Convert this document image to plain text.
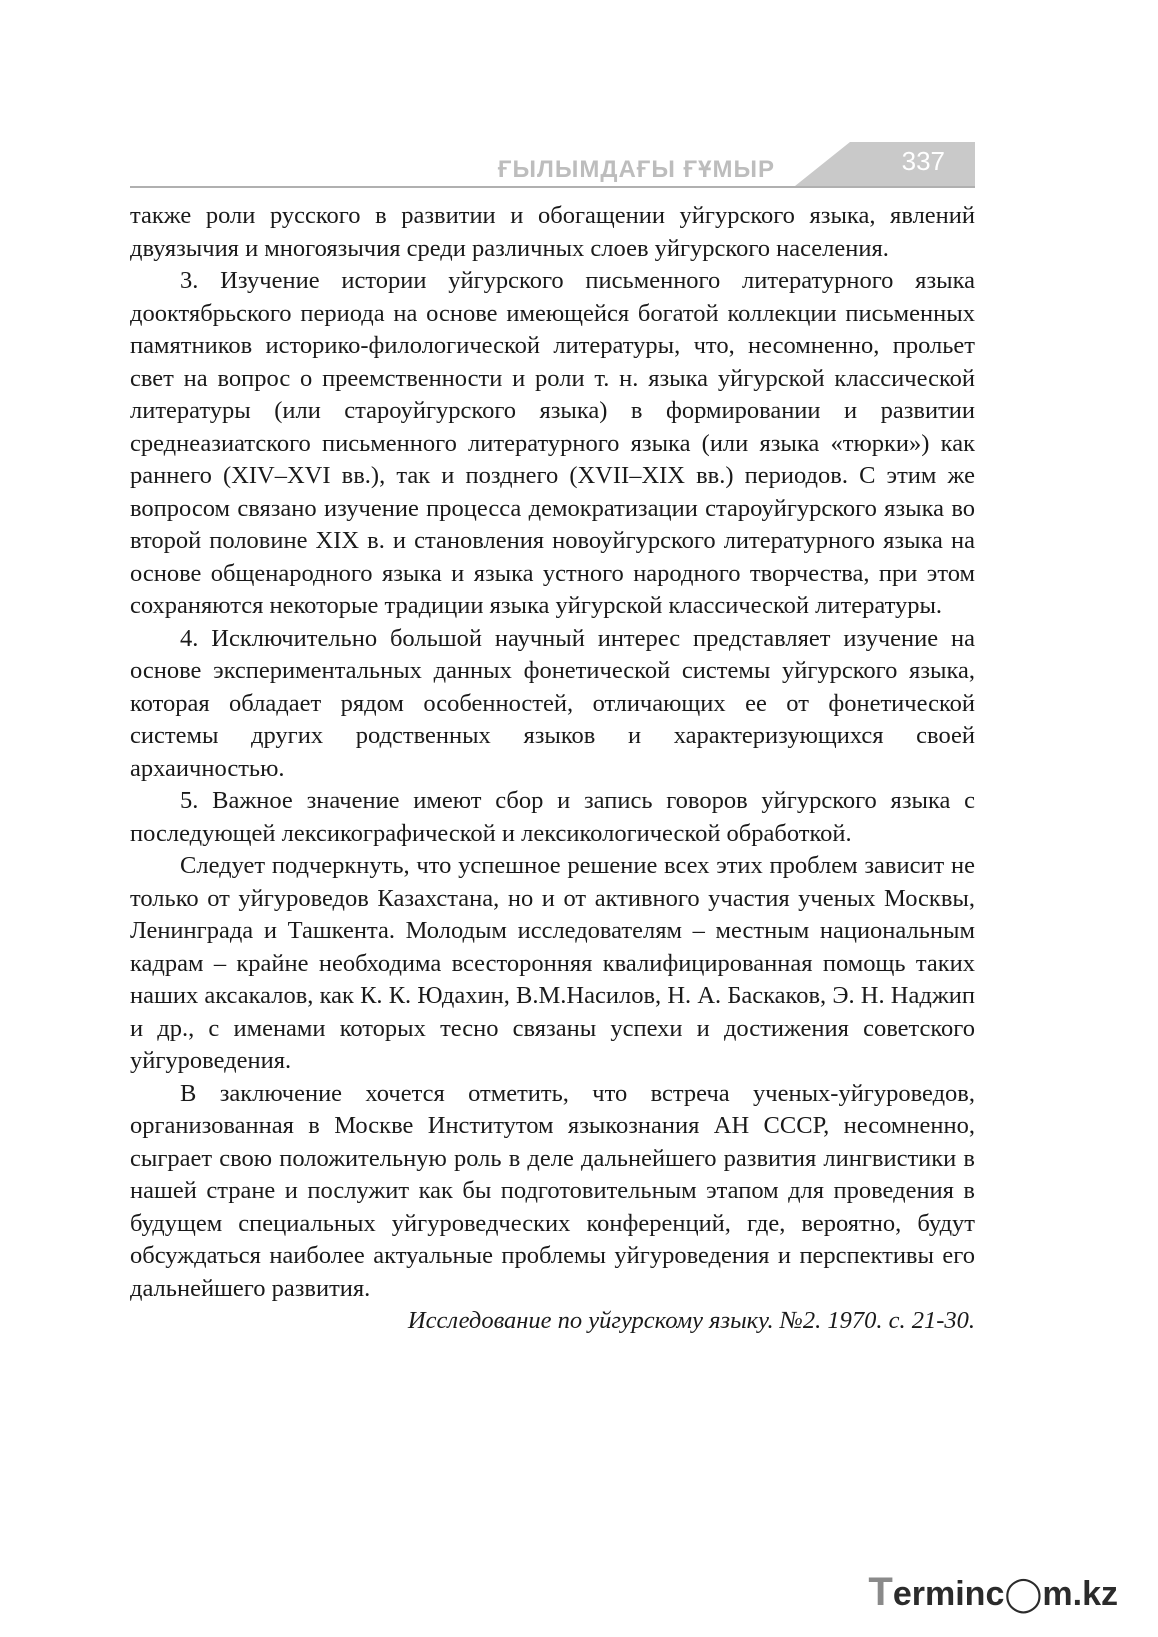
ҒЫЛЫМДАҒЫ ҒҰМЫР	337

также роли русского в развитии и обогащении уйгурского языка, явлений двуязычия и многоязычия среди различных слоев уйгурского населения.

3. Изучение истории уйгурского письменного литературного языка дооктябрьского периода на основе имеющейся богатой коллекции письменных памятников историко-филологической литературы, что, несомненно, прольет свет на вопрос о преемственности и роли т. н. языка уйгурской классической литературы (или староуйгурского языка) в формировании и развитии среднеазиатского письменного литературного языка (или языка «тюрки») как раннего (XIV–XVI вв.), так и позднего (XVII–XIX вв.) периодов. С этим же вопросом связано изучение процесса демократизации староуйгурского языка во второй половине XIX в. и становления новоуйгурского литературного языка на основе общенародного языка и языка устного народного творчества, при этом сохраняются некоторые традиции языка уйгурской классической литературы.

4. Исключительно большой научный интерес представляет изучение на основе экспериментальных данных фонетической системы уйгурского языка, которая обладает рядом особенностей, отличающих ее от фонетической системы других родственных языков и характеризующихся своей архаичностью.

5. Важное значение имеют сбор и запись говоров уйгурского языка с последующей лексикографической и лексикологической обработкой.

Следует подчеркнуть, что успешное решение всех этих проблем зависит не только от уйгуроведов Казахстана, но и от активного участия ученых Москвы, Ленинграда и Ташкента. Молодым исследователям – местным национальным кадрам – крайне необходима всесторонняя квалифицированная помощь таких наших аксакалов, как К. К. Юдахин, В.М.Насилов, Н. А. Баскаков, Э. Н. Наджип и др., с именами которых тесно связаны успехи и достижения советского уйгуроведения.

В заключение хочется отметить, что встреча ученых-уйгуроведов, организованная в Москве Институтом языкознания АН СССР, несомненно, сыграет свою положительную роль в деле дальнейшего развития лингвистики в нашей стране и послужит как бы подготовительным этапом для проведения в будущем специальных уйгуроведческих конференций, где, вероятно, будут обсуждаться наиболее актуальные проблемы уйгуроведения и перспективы его дальнейшего развития.

Исследование по уйгурскому языку. №2. 1970. с. 21-30.

Terminc◯m.kz
